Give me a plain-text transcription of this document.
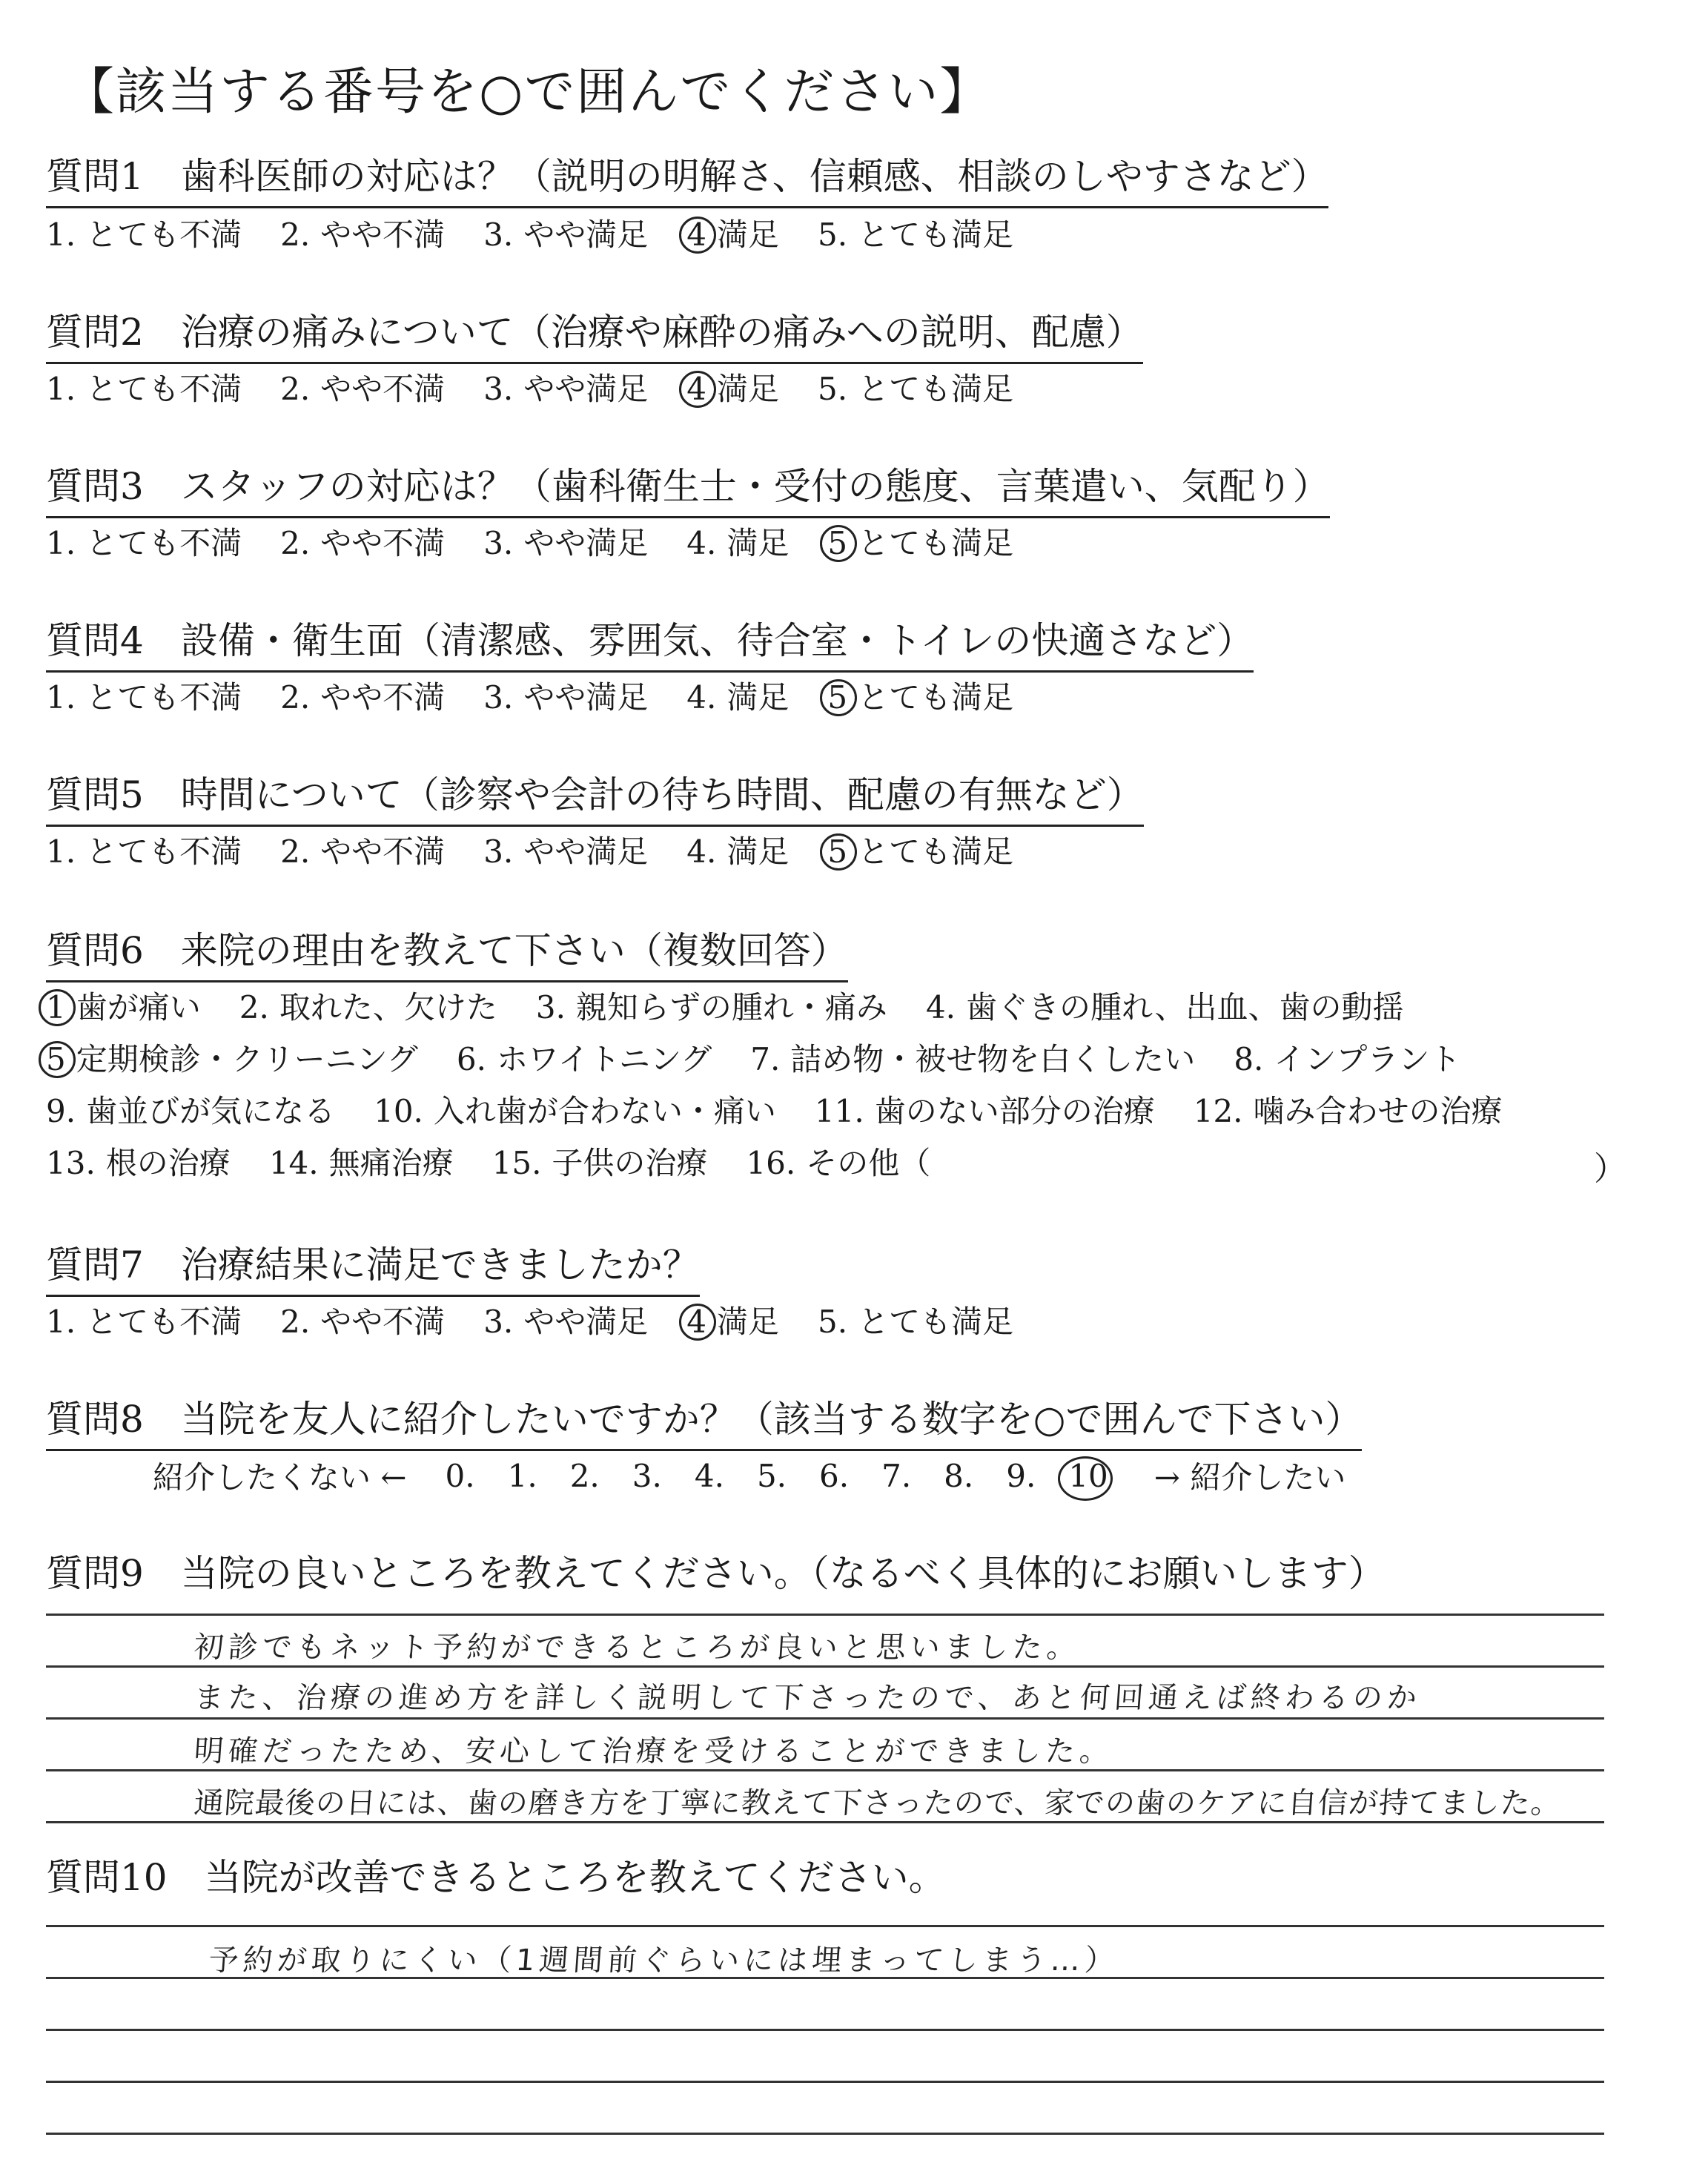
【該当する番号を○で囲んでください】
質問1　歯科医師の対応は？（説明の明解さ、信頼感、相談のしやすさなど）
1. とても不満 2. やや不満 3. やや満足 4 満足 5. とても満足
質問2　治療の痛みについて（治療や麻酔の痛みへの説明、配慮）
1. とても不満 2. やや不満 3. やや満足 4 満足 5. とても満足
質問3　スタッフの対応は？（歯科衛生士・受付の態度、言葉遣い、気配り）
1. とても不満 2. やや不満 3. やや満足 4. 満足 5 とても満足
質問4　設備・衛生面（清潔感、雰囲気、待合室・トイレの快適さなど）
1. とても不満 2. やや不満 3. やや満足 4. 満足 5 とても満足
質問5　時間について（診察や会計の待ち時間、配慮の有無など）
1. とても不満 2. やや不満 3. やや満足 4. 満足 5 とても満足
質問6　来院の理由を教えて下さい（複数回答）
1 歯が痛い 2. 取れた、欠けた 3. 親知らずの腫れ・痛み 4. 歯ぐきの腫れ、出血、歯の動揺
5 定期検診・クリーニング 6. ホワイトニング 7. 詰め物・被せ物を白くしたい 8. インプラント
9. 歯並びが気になる 10. 入れ歯が合わない・痛い 11. 歯のない部分の治療 12. 噛み合わせの治療
13. 根の治療 14. 無痛治療 15. 子供の治療 16. その他（	）
質問7　治療結果に満足できましたか？
1. とても不満 2. やや不満 3. やや満足 4 満足 5. とても満足
質問8　当院を友人に紹介したいですか？（該当する数字を○で囲んで下さい）
紹介したくない ← 0. 1. 2. 3. 4. 5. 6. 7. 8. 9. 10 → 紹介したい
質問9　当院の良いところを教えてください。（なるべく具体的にお願いします）
初診でもネット予約ができるところが良いと思いました。
また、治療の進め方を詳しく説明して下さったので、あと何回通えば終わるのか
明確だったため、安心して治療を受けることができました。
通院最後の日には、歯の磨き方を丁寧に教えて下さったので、家での歯のケアに自信が持てました。
質問10　当院が改善できるところを教えてください。
予約が取りにくい（1週間前ぐらいには埋まってしまう…）
